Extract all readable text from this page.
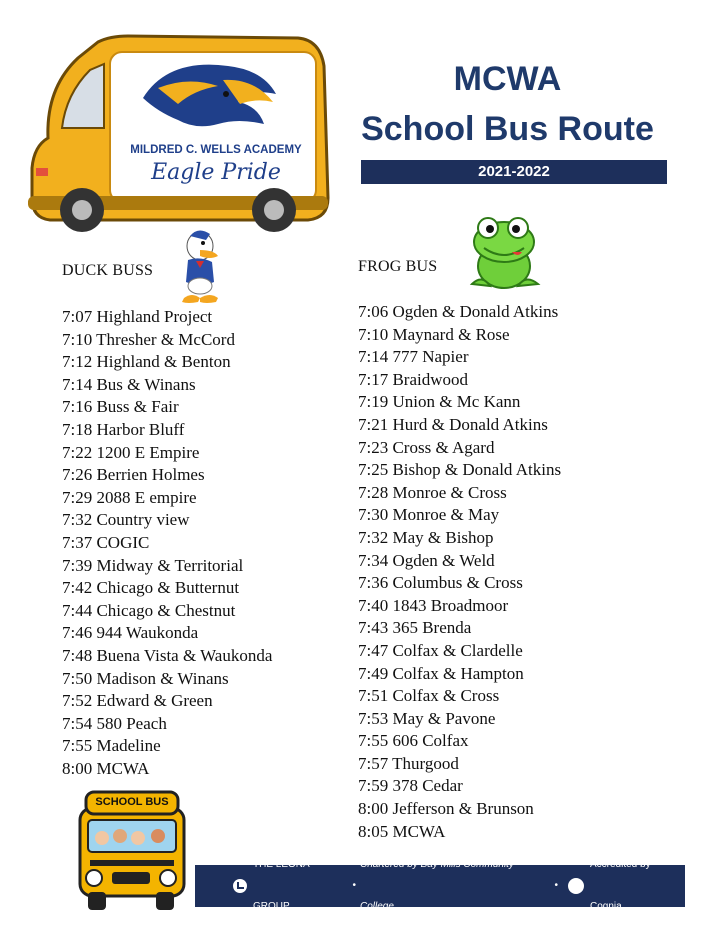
MILDRED C. WELLS ACADEMY
Eagle Pride
MCWA
School Bus Route
2021-2022
DUCK BUSS
7:07 Highland Project
7:10 Thresher & McCord
7:12 Highland & Benton
7:14 Bus & Winans
7:16 Buss & Fair
7:18 Harbor Bluff
7:22 1200 E Empire
7:26 Berrien Holmes
7:29 2088 E empire
7:32 Country view
7:37 COGIC
7:39 Midway & Territorial
7:42 Chicago & Butternut
7:44 Chicago & Chestnut
7:46 944 Waukonda
7:48 Buena Vista & Waukonda
7:50 Madison & Winans
7:52 Edward & Green
7:54 580 Peach
7:55 Madeline
8:00 MCWA
FROG BUS
7:06 Ogden & Donald Atkins
7:10 Maynard & Rose
7:14 777 Napier
7:17 Braidwood
7:19 Union & Mc Kann
7:21 Hurd & Donald Atkins
7:23 Cross & Agard
7:25 Bishop & Donald Atkins
7:28 Monroe & Cross
7:30 Monroe & May
7:32 May & Bishop
7:34 Ogden & Weld
7:36 Columbus & Cross
7:40 1843 Broadmoor
7:43 365 Brenda
7:47 Colfax & Clardelle
7:49 Colfax & Hampton
7:51 Colfax & Cross
7:53 May & Pavone
7:55 606 Colfax
7:57 Thurgood
7:59 378 Cedar
8:00 Jefferson & Brunson
8:05 MCWA
SCHOOL BUS
THE LEONA GROUP
•
Chartered by Bay Mills Community College
•
Accredited by Cognia
